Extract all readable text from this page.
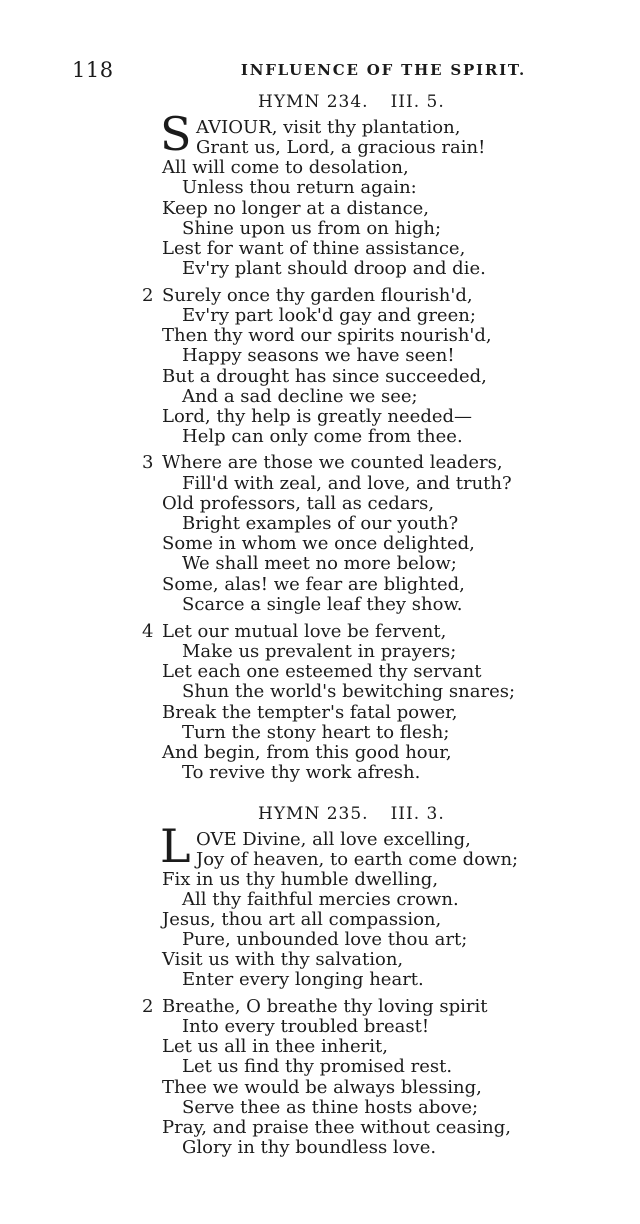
118	INFLUENCE OF THE SPIRIT.
HYMN 234. III. 5.
S AVIOUR, visit thy plantation,
Grant us, Lord, a gracious rain!
All will come to desolation,
Unless thou return again:
Keep no longer at a distance,
Shine upon us from on high;
Lest for want of thine assistance,
Ev'ry plant should droop and die.
2 Surely once thy garden flourish'd,
Ev'ry part look'd gay and green;
Then thy word our spirits nourish'd,
Happy seasons we have seen!
But a drought has since succeeded,
And a sad decline we see;
Lord, thy help is greatly needed—
Help can only come from thee.
3 Where are those we counted leaders,
Fill'd with zeal, and love, and truth?
Old professors, tall as cedars,
Bright examples of our youth?
Some in whom we once delighted,
We shall meet no more below;
Some, alas! we fear are blighted,
Scarce a single leaf they show.
4 Let our mutual love be fervent,
Make us prevalent in prayers;
Let each one esteemed thy servant
Shun the world's bewitching snares;
Break the tempter's fatal power,
Turn the stony heart to flesh;
And begin, from this good hour,
To revive thy work afresh.
HYMN 235. III. 3.
L OVE Divine, all love excelling,
Joy of heaven, to earth come down;
Fix in us thy humble dwelling,
All thy faithful mercies crown.
Jesus, thou art all compassion,
Pure, unbounded love thou art;
Visit us with thy salvation,
Enter every longing heart.
2 Breathe, O breathe thy loving spirit
Into every troubled breast!
Let us all in thee inherit,
Let us find thy promised rest.
Thee we would be always blessing,
Serve thee as thine hosts above;
Pray, and praise thee without ceasing,
Glory in thy boundless love.
